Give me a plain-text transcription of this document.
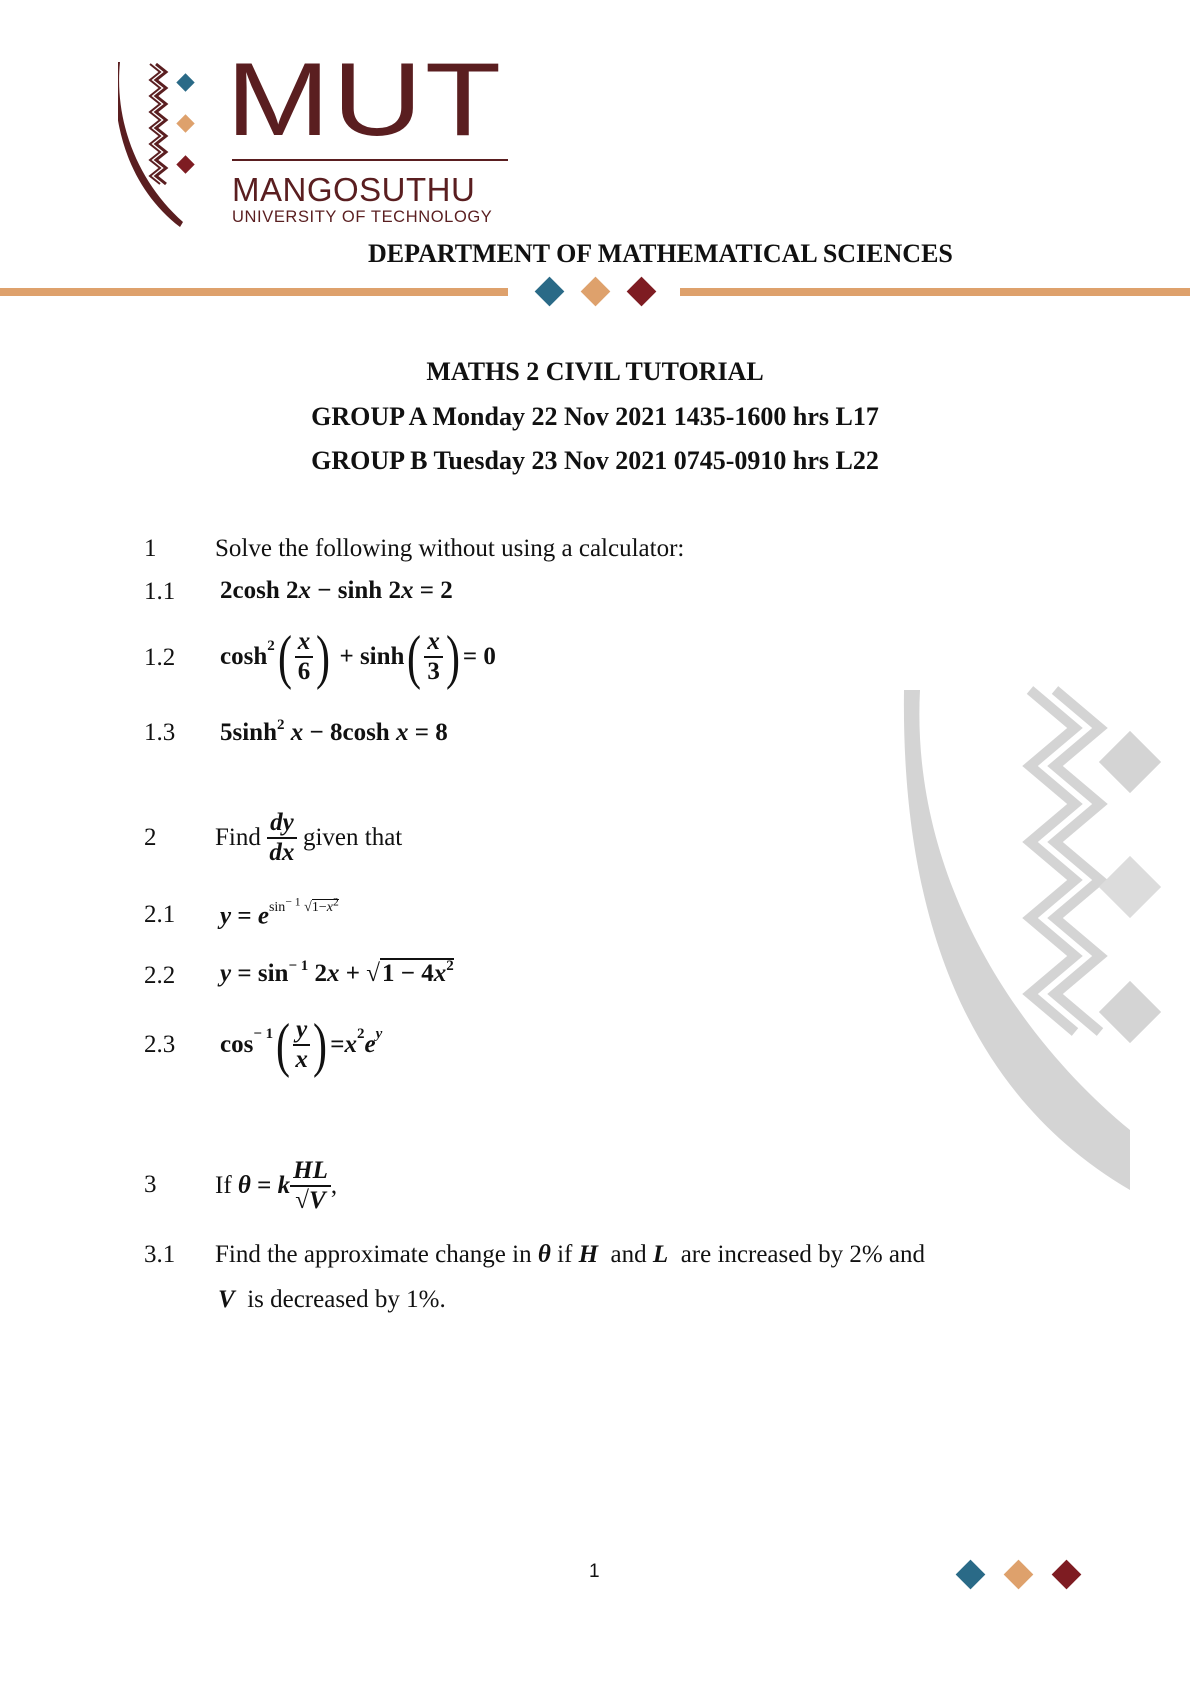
MUT
MANGOSUTHU
UNIVERSITY OF TECHNOLOGY
DEPARTMENT OF MATHEMATICAL SCIENCES
MATHS 2 CIVIL TUTORIAL
GROUP A Monday 22 Nov 2021 1435-1600 hrs L17
GROUP B Tuesday 23 Nov 2021 0745-0910 hrs L22
1 Solve the following without using a calculator:
1.1 2cosh 2x − sinh 2x = 2
1.2 cosh 2 ( $\frac{x}{6}$ ) + sinh ( $\frac{x}{3}$ ) = 0
1.3 $5\sinh^2$ x − 8cosh x = 8
2 Find
$\frac{dy}{dx}$
given that
2.1 $y = e^{sin^{- 1} √1-x^2}$
2.2 $y = \sin^{- 1} 2x + √1 - 4x^2$
2.3 cos − 1 ( $\frac{y}{x}$ ) = x 2 e y
3 If
θ = k $\frac{HL}{√V}$ ,
3.1 Find the approximate change in θ if H and L are increased by 2% and
V is decreased by 1%.
1
